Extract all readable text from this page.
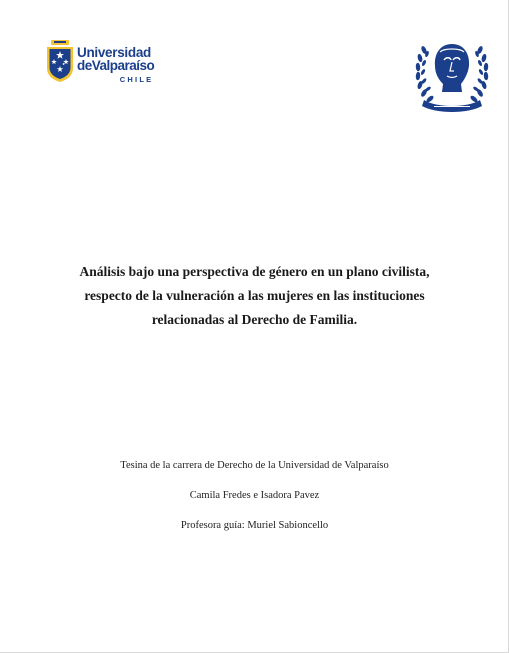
Universidad
deValparaíso
CHILE
Análisis bajo una perspectiva de género en un plano civilista,
respecto de la vulneración a las mujeres en las instituciones
relacionadas al Derecho de Familia.
Tesina de la carrera de Derecho de la Universidad de Valparaíso
Camila Fredes e Isadora Pavez
Profesora guía: Muriel Sabioncello
